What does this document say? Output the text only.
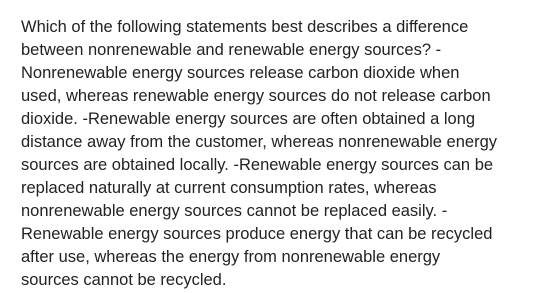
Which of the following statements best describes a difference
between nonrenewable and renewable energy sources? -
Nonrenewable energy sources release carbon dioxide when
used, whereas renewable energy sources do not release carbon
dioxide. -Renewable energy sources are often obtained a long
distance away from the customer, whereas nonrenewable energy
sources are obtained locally. -Renewable energy sources can be
replaced naturally at current consumption rates, whereas
nonrenewable energy sources cannot be replaced easily. -
Renewable energy sources produce energy that can be recycled
after use, whereas the energy from nonrenewable energy
sources cannot be recycled.
